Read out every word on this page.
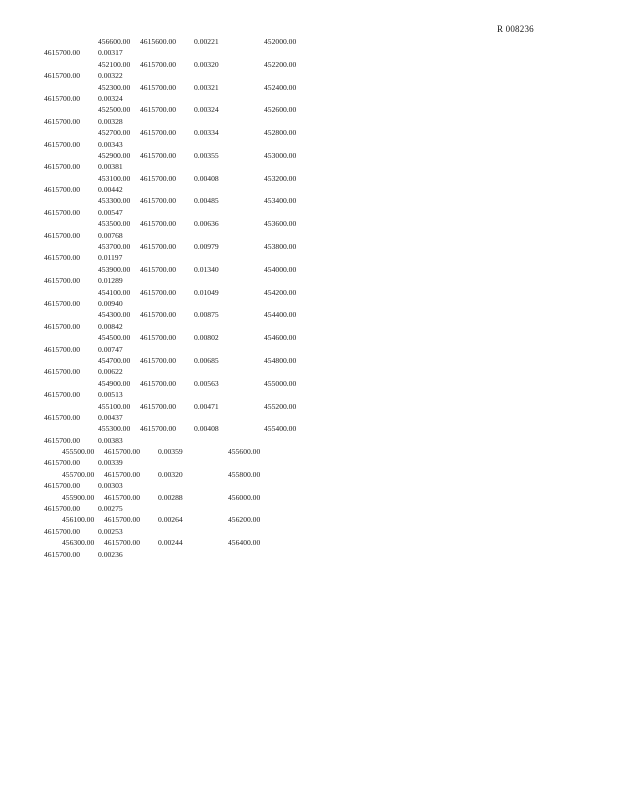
R 008236
456600.00 4615600.00 0.00221	452000.00
4615700.00 0.00317
452100.00 4615700.00 0.00320	452200.00
4615700.00 0.00322
452300.00 4615700.00 0.00321	452400.00
4615700.00 0.00324
452500.00 4615700.00 0.00324	452600.00
4615700.00 0.00328
452700.00 4615700.00 0.00334	452800.00
4615700.00 0.00343
452900.00 4615700.00 0.00355	453000.00
4615700.00 0.00381
453100.00 4615700.00 0.00408	453200.00
4615700.00 0.00442
453300.00 4615700.00 0.00485	453400.00
4615700.00 0.00547
453500.00 4615700.00 0.00636	453600.00
4615700.00 0.00768
453700.00 4615700.00 0.00979	453800.00
4615700.00 0.01197
453900.00 4615700.00 0.01340	454000.00
4615700.00 0.01289
454100.00 4615700.00 0.01049	454200.00
4615700.00 0.00940
454300.00 4615700.00 0.00875	454400.00
4615700.00 0.00842
454500.00 4615700.00 0.00802	454600.00
4615700.00 0.00747
454700.00 4615700.00 0.00685	454800.00
4615700.00 0.00622
454900.00 4615700.00 0.00563	455000.00
4615700.00 0.00513
455100.00 4615700.00 0.00471	455200.00
4615700.00 0.00437
455300.00 4615700.00 0.00408	455400.00
4615700.00 0.00383
455500.00 4615700.00 0.00359	455600.00
4615700.00 0.00339
455700.00 4615700.00 0.00320	455800.00
4615700.00 0.00303
455900.00 4615700.00 0.00288	456000.00
4615700.00 0.00275
456100.00 4615700.00 0.00264	456200.00
4615700.00 0.00253
456300.00 4615700.00 0.00244	456400.00
4615700.00 0.00236
